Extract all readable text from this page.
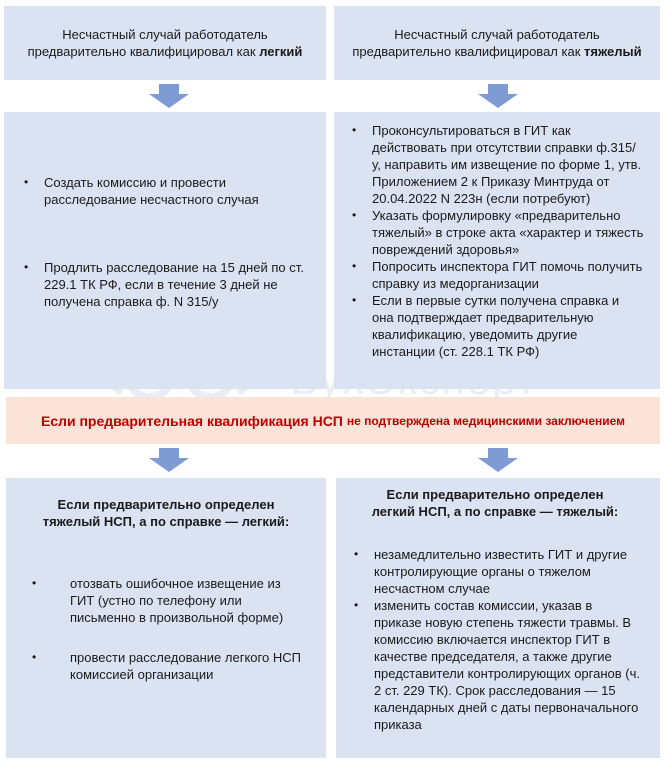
Несчастный случай работодатель
предварительно квалифицировал как легкий
Несчастный случай работодатель
предварительно квалифицировал как тяжелый
• Создать комиссию и провести расследование несчастного случая
• Продлить расследование на 15 дней по ст. 229.1 ТК РФ, если в течение 3 дней не получена справка ф. N 315/у
• Проконсультироваться в ГИТ как действовать при отсутствии справки ф.315/у, направить им извещение по форме 1, утв. Приложением 2 к Приказу Минтруда от 20.04.2022 N 223н (если потребуют)
• Указать формулировку «предварительно тяжелый» в строке акта «характер и тяжесть повреждений здоровья»
• Попросить инспектора ГИТ помочь получить справку из медорганизации
• Если в первые сутки получена справка и она подтверждает предварительную квалификацию, уведомить другие инстанции (ст. 228.1 ТК РФ)
Если предварительная квалификация НСП не подтверждена медицинскими заключением
Если предварительно определен
тяжелый НСП, а по справке — легкий:
• отозвать ошибочное извещение из ГИТ (устно по телефону или письменно в произвольной форме)
• провести расследование легкого НСП комиссией организации
Если предварительно определен
легкий НСП, а по справке — тяжелый:
• незамедлительно известить ГИТ и другие контролирующие органы о тяжелом несчастном случае
• изменить состав комиссии, указав в приказе новую степень тяжести травмы. В комиссию включается инспектор ГИТ в качестве председателя, а также другие представители контролирующих органов (ч. 2 ст. 229 ТК). Срок расследования — 15 календарных дней с даты первоначального приказа
